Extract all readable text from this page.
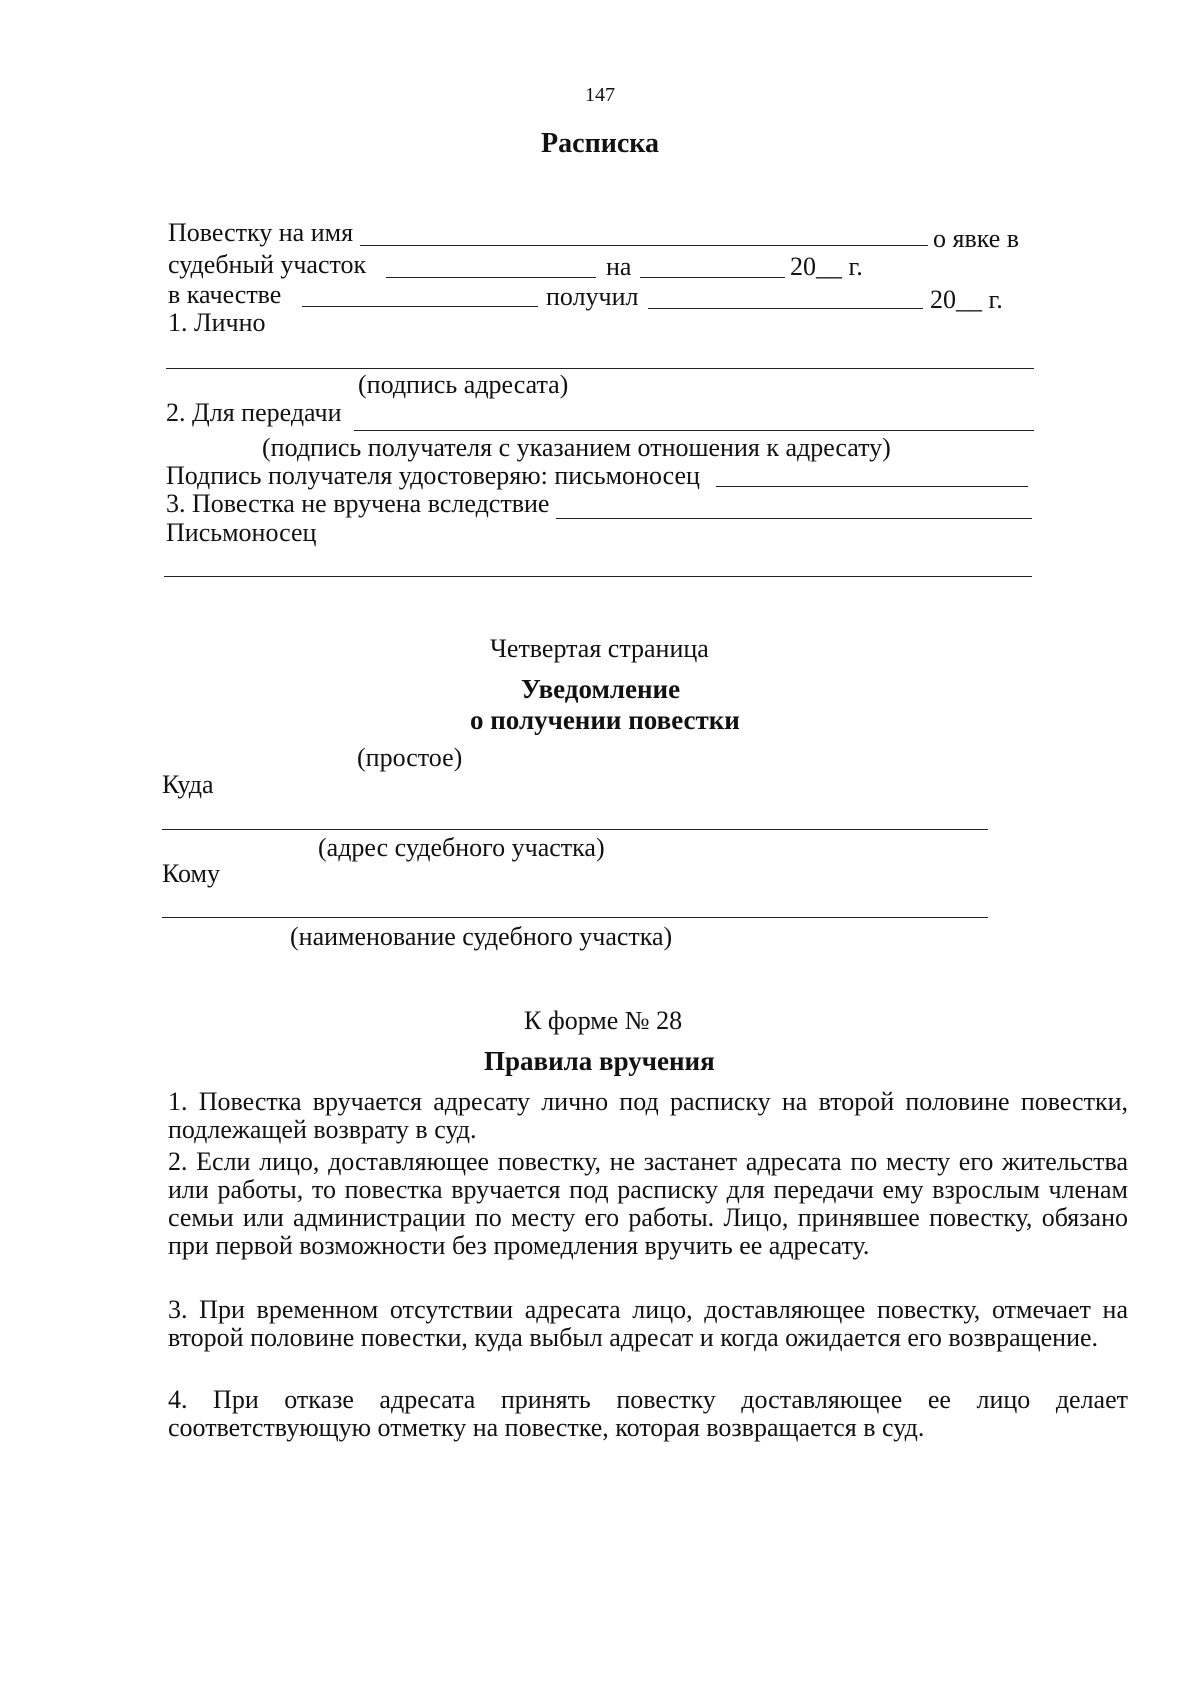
147
Расписка
Повестку на имя	о явке в
судебный участок	на	20__ г.
в качестве	получил	20__ г.
1. Лично
(подпись адресата)
2. Для передачи
(подпись получателя с указанием отношения к адресату)
Подпись получателя удостоверяю: письмоносец
3. Повестка не вручена вследствие
Письмоносец
Четвертая страница
Уведомление
о получении повестки
(простое)
Куда
(адрес судебного участка)
Кому
(наименование судебного участка)
К форме № 28
Правила вручения
1. Повестка вручается адресату лично под расписку на второй половине повестки, подлежащей возврату в суд.
2. Если лицо, доставляющее повестку, не застанет адресата по месту его жительства или работы, то повестка вручается под расписку для передачи ему взрослым членам семьи или администрации по месту его работы. Лицо, принявшее повестку, обязано при первой возможности без промедления вручить ее адресату.
3. При временном отсутствии адресата лицо, доставляющее повестку, отмечает на второй половине повестки, куда выбыл адресат и когда ожидается его возвращение.
4. При отказе адресата принять повестку доставляющее ее лицо делает соответствующую отметку на повестке, которая возвращается в суд.
